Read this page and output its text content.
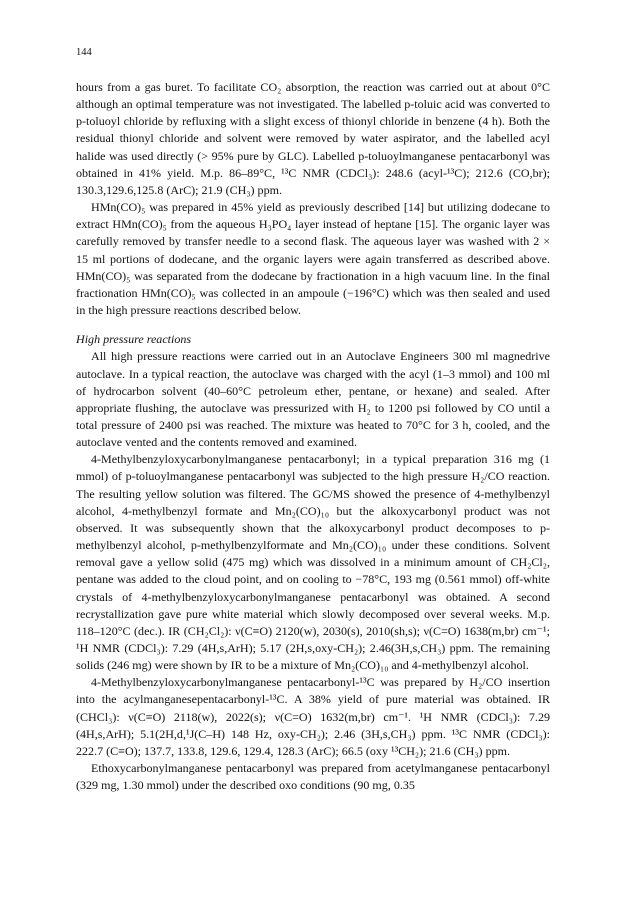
144

hours from a gas buret. To facilitate CO₂ absorption, the reaction was carried out at about 0°C although an optimal temperature was not investigated. The labelled p-toluic acid was converted to p-toluoyl chloride by refluxing with a slight excess of thionyl chloride in benzene (4 h). Both the residual thionyl chloride and solvent were removed by water aspirator, and the labelled acyl halide was used directly (> 95% pure by GLC). Labelled p-toluoylmanganese pentacarbonyl was obtained in 41% yield. M.p. 86–89°C, ¹³C NMR (CDCl₃): 248.6 (acyl-¹³C); 212.6 (CO,br); 130.3,129.6,125.8 (ArC); 21.9 (CH₃) ppm.

HMn(CO)₅ was prepared in 45% yield as previously described [14] but utilizing dodecane to extract HMn(CO)₅ from the aqueous H₃PO₄ layer instead of heptane [15]. The organic layer was carefully removed by transfer needle to a second flask. The aqueous layer was washed with 2 × 15 ml portions of dodecane, and the organic layers were again transferred as described above. HMn(CO)₅ was separated from the dodecane by fractionation in a high vacuum line. In the final fractionation HMn(CO)₅ was collected in an ampoule (−196°C) which was then sealed and used in the high pressure reactions described below.

High pressure reactions

All high pressure reactions were carried out in an Autoclave Engineers 300 ml magnedrive autoclave. In a typical reaction, the autoclave was charged with the acyl (1–3 mmol) and 100 ml of hydrocarbon solvent (40–60°C petroleum ether, pentane, or hexane) and sealed. After appropriate flushing, the autoclave was pressurized with H₂ to 1200 psi followed by CO until a total pressure of 2400 psi was reached. The mixture was heated to 70°C for 3 h, cooled, and the autoclave vented and the contents removed and examined.

4-Methylbenzyloxycarbonylmanganese pentacarbonyl; in a typical preparation 316 mg (1 mmol) of p-toluoylmanganese pentacarbonyl was subjected to the high pressure H₂/CO reaction. The resulting yellow solution was filtered. The GC/MS showed the presence of 4-methylbenzyl alcohol, 4-methylbenzyl formate and Mn₂(CO)₁₀ but the alkoxycarbonyl product was not observed. It was subsequently shown that the alkoxycarbonyl product decomposes to p-methylbenzyl alcohol, p-methylbenzylformate and Mn₂(CO)₁₀ under these conditions. Solvent removal gave a yellow solid (475 mg) which was dissolved in a minimum amount of CH₂Cl₂, pentane was added to the cloud point, and on cooling to −78°C, 193 mg (0.561 mmol) off-white crystals of 4-methylbenzyloxycarbonylmanganese pentacarbonyl was obtained. A second recrystallization gave pure white material which slowly decomposed over several weeks. M.p. 118–120°C (dec.). IR (CH₂Cl₂): ν(C≡O) 2120(w), 2030(s), 2010(sh,s); ν(C=O) 1638(m,br) cm⁻¹; ¹H NMR (CDCl₃): 7.29 (4H,s,ArH); 5.17 (2H,s,oxy-CH₂); 2.46(3H,s,CH₃) ppm. The remaining solids (246 mg) were shown by IR to be a mixture of Mn₂(CO)₁₀ and 4-methylbenzyl alcohol.

4-Methylbenzyloxycarbonylmanganese pentacarbonyl-¹³C was prepared by H₂/CO insertion into the acylmanganesepentacarbonyl-¹³C. A 38% yield of pure material was obtained. IR (CHCl₃): ν(C≡O) 2118(w), 2022(s); ν(C=O) 1632(m,br) cm⁻¹. ¹H NMR (CDCl₃): 7.29 (4H,s,ArH); 5.1(2H,d,¹J(C–H) 148 Hz, oxy-CH₂); 2.46 (3H,s,CH₃) ppm. ¹³C NMR (CDCl₃): 222.7 (C≡O); 137.7, 133.8, 129.6, 129.4, 128.3 (ArC); 66.5 (oxy ¹³CH₂); 21.6 (CH₃) ppm.

Ethoxycarbonylmanganese pentacarbonyl was prepared from acetylmanganese pentacarbonyl (329 mg, 1.30 mmol) under the described oxo conditions (90 mg, 0.35
